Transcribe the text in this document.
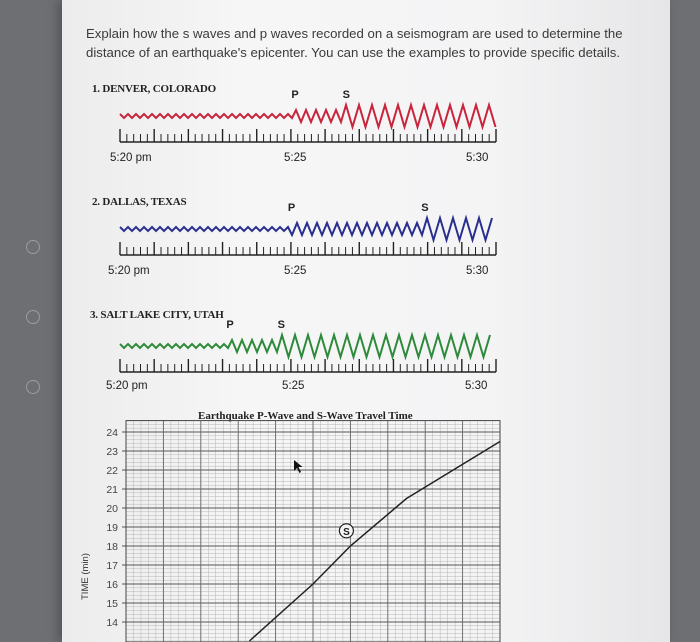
Explain how the s waves and p waves recorded on a seismogram are used to determine the distance of an earthquake's epicenter. You can use the examples to provide specific details.
1. DENVER, COLORADO	P	S
5:20 pm	5:25	5:30
2. DALLAS, TEXAS	P	S
5:20 pm	5:25	5:30
3. SALT LAKE CITY, UTAH
P	S
5:20 pm	5:25	5:30
Earthquake P-Wave and S-Wave Travel Time
14
15
16
17
18
19
20
21
22
23
24
S
TIME (min)
